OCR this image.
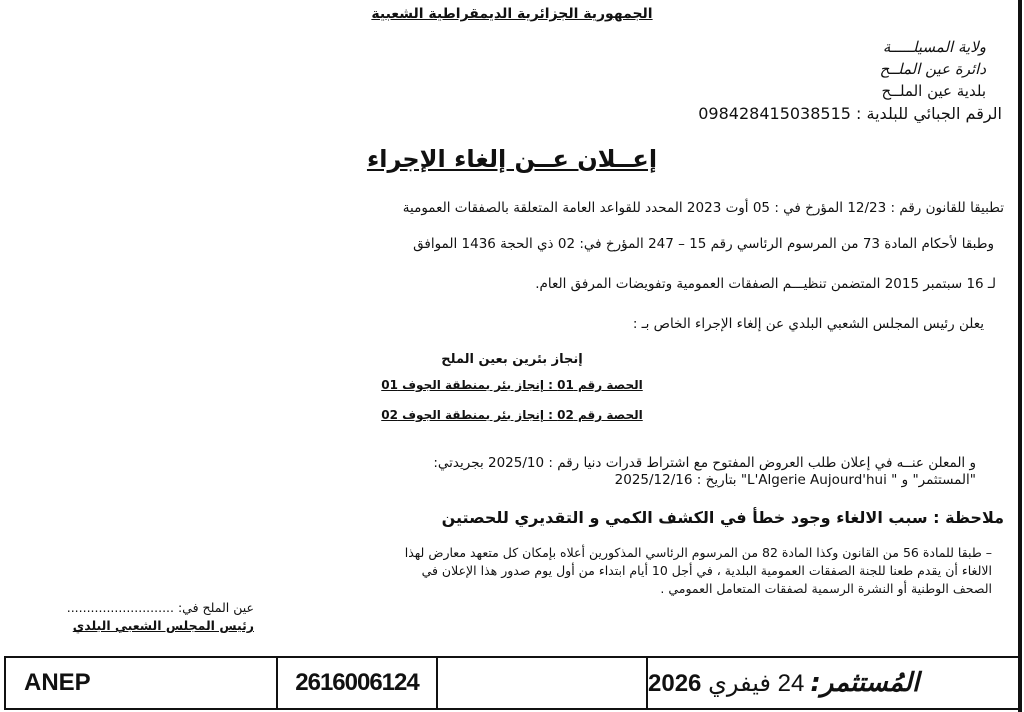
الجمهورية الجزائرية الديمقراطية الشعبية
ولاية المسيلـــــة
دائرة عين الملــح
بلدية عين الملــح
الرقم الجبائي للبلدية : 098428415038515
إعــلان عــن إلغاء الإجراء
تطبيقا للقانون رقم : 12/23 المؤرخ في : 05 أوت 2023 المحدد للقواعد العامة المتعلقة بالصفقات العمومية
وطبقا لأحكام المادة 73 من المرسوم الرئاسي رقم 15 – 247 المؤرخ في: 02 ذي الحجة 1436 الموافق
لـ 16 سبتمبر 2015 المتضمن تنظيـــم الصفقات العمومية وتفويضات المرفق العام.
يعلن رئيس المجلس الشعبي البلدي عن إلغاء الإجراء الخاص بـ :
إنجاز بئرين بعين الملح
الحصة رقم 01 : إنجاز بئر بمنطقة الجوف 01
الحصة رقم 02 : إنجاز بئر بمنطقة الجوف 02
و المعلن عنــه في إعلان طلب العروض المفتوح مع اشتراط قدرات دنيا رقم : 2025/10 بجريدتي:
"المستثمر" و " L'Algerie Aujourd'hui" بتاريخ : 2025/12/16
ملاحظة : سبب الالغاء وجود خطأ في الكشف الكمي و التقديري للحصتين
– طبقا للمادة 56 من القانون وكذا المادة 82 من المرسوم الرئاسي المذكورين أعلاه بإمكان كل متعهد معارض لهذا
الالغاء أن يقدم طعنا للجنة الصفقات العمومية البلدية ، في أجل 10 أيام ابتداء من أول يوم صدور هذا الإعلان في
الصحف الوطنية أو النشرة الرسمية لصفقات المتعامل العمومي .
عين الملح في: ...........................
رئيس المجلس الشعبي البلدي
ANEP	2616006124	المُستثمر:
24 فيفري 2026
